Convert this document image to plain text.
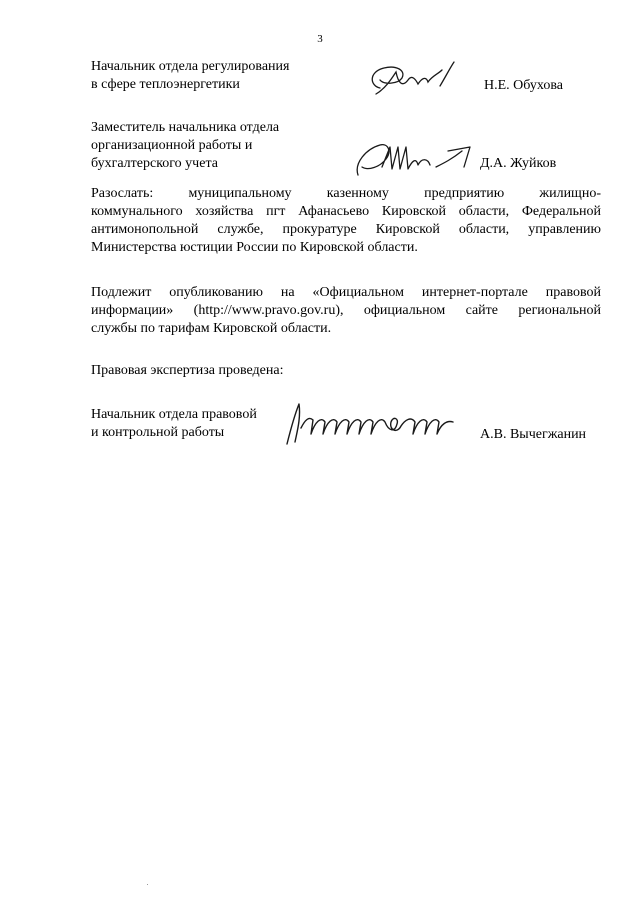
3
Начальник отдела регулирования
в сфере теплоэнергетики	Н.Е. Обухова
Заместитель начальника отдела
организационной работы и
бухгалтерского учета	Д.А. Жуйков
Разослать: муниципальному казенному предприятию жилищно-
коммунального хозяйства пгт Афанасьево Кировской области, Федеральной
антимонопольной службе, прокуратуре Кировской области, управлению
Министерства юстиции России по Кировской области.
Подлежит опубликованию на «Официальном интернет-портале правовой
информации» (http://www.pravo.gov.ru), официальном сайте региональной
службы по тарифам Кировской области.
Правовая экспертиза проведена:
Начальник отдела правовой
и контрольной работы	А.В. Вычегжанин
